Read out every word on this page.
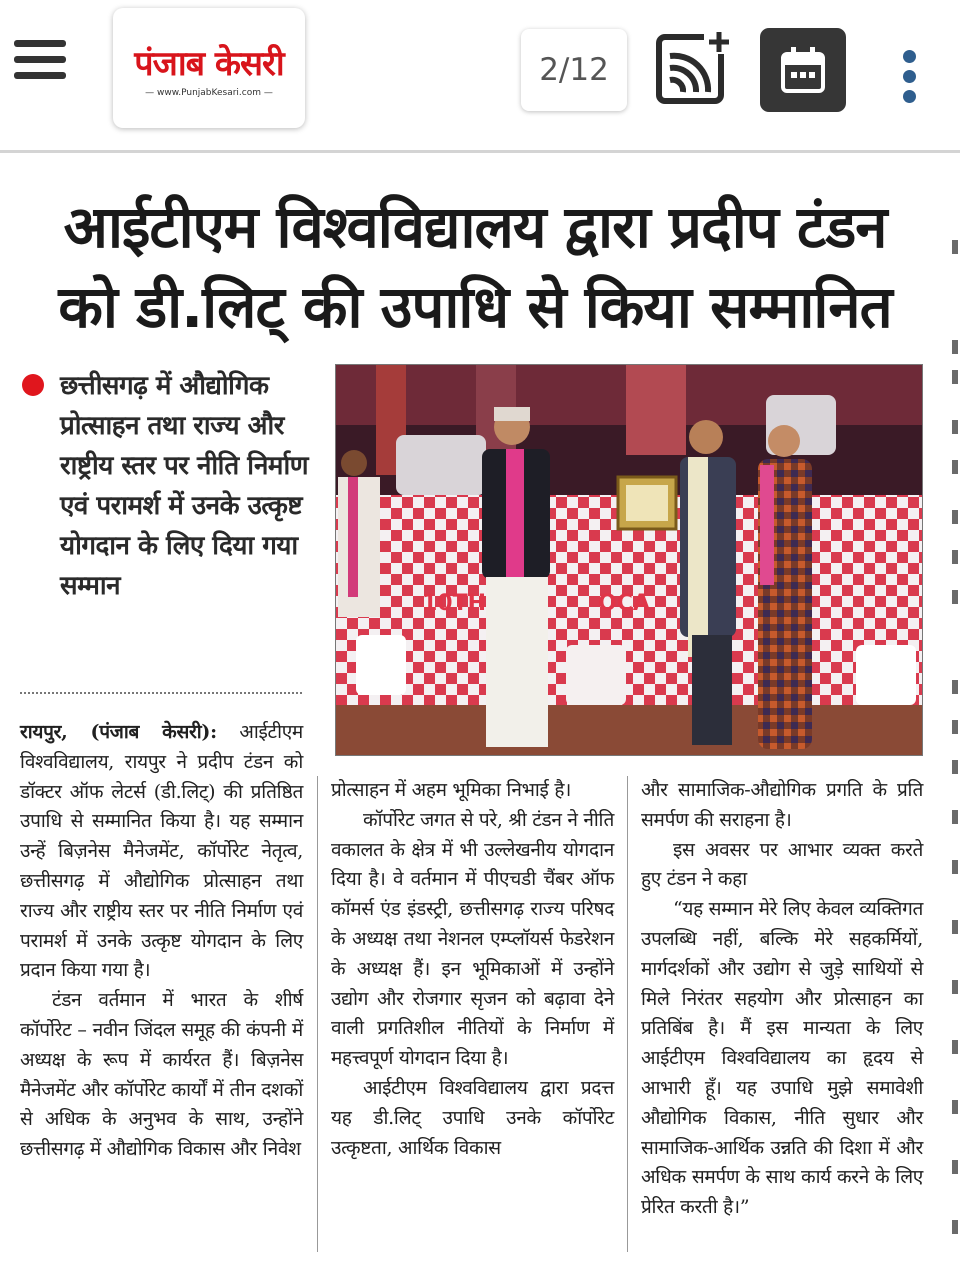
पंजाब केसरी
— www.PunjabKesari.com —
2/12
आईटीएम विश्वविद्यालय द्वारा प्रदीप टंडन
को डी.लिट् की उपाधि से किया सम्मानित
छत्तीसगढ़ में औद्योगिक प्रोत्साहन तथा राज्य और राष्ट्रीय स्तर पर नीति निर्माण एवं परामर्श में उनके उत्कृष्ट योगदान के लिए दिया गया सम्मान
10TH	OCA

रायपुर, (पंजाब केसरी): आईटीएम विश्वविद्यालय, रायपुर ने प्रदीप टंडन को डॉक्टर ऑफ लेटर्स (डी.लिट्) की प्रतिष्ठित उपाधि से सम्मानित किया है। यह सम्मान उन्हें बिज़नेस मैनेजमेंट, कॉर्पोरेट नेतृत्व, छत्तीसगढ़ में औद्योगिक प्रोत्साहन तथा राज्य और राष्ट्रीय स्तर पर नीति निर्माण एवं परामर्श में उनके उत्कृष्ट योगदान के लिए प्रदान किया गया है।

टंडन वर्तमान में भारत के शीर्ष कॉर्पोरेट – नवीन जिंदल समूह की कंपनी में अध्यक्ष के रूप में कार्यरत हैं। बिज़नेस मैनेजमेंट और कॉर्पोरेट कार्यों में तीन दशकों से अधिक के अनुभव के साथ, उन्होंने छत्तीसगढ़ में औद्योगिक विकास और निवेश

प्रोत्साहन में अहम भूमिका निभाई है।

कॉर्पोरेट जगत से परे, श्री टंडन ने नीति वकालत के क्षेत्र में भी उल्लेखनीय योगदान दिया है। वे वर्तमान में पीएचडी चैंबर ऑफ कॉमर्स एंड इंडस्ट्री, छत्तीसगढ़ राज्य परिषद के अध्यक्ष तथा नेशनल एम्प्लॉयर्स फेडरेशन के अध्यक्ष हैं। इन भूमिकाओं में उन्होंने उद्योग और रोजगार सृजन को बढ़ावा देने वाली प्रगतिशील नीतियों के निर्माण में महत्त्वपूर्ण योगदान दिया है।

आईटीएम विश्वविद्यालय द्वारा प्रदत्त यह डी.लिट् उपाधि उनके कॉर्पोरेट उत्कृष्टता, आर्थिक विकास

और सामाजिक-औद्योगिक प्रगति के प्रति समर्पण की सराहना है।

इस अवसर पर आभार व्यक्त करते हुए टंडन ने कहा

“यह सम्मान मेरे लिए केवल व्यक्तिगत उपलब्धि नहीं, बल्कि मेरे सहकर्मियों, मार्गदर्शकों और उद्योग से जुड़े साथियों से मिले निरंतर सहयोग और प्रोत्साहन का प्रतिबिंब है। मैं इस मान्यता के लिए आईटीएम विश्वविद्यालय का हृदय से आभारी हूँ। यह उपाधि मुझे समावेशी औद्योगिक विकास, नीति सुधार और सामाजिक-आर्थिक उन्नति की दिशा में और अधिक समर्पण के साथ कार्य करने के लिए प्रेरित करती है।”
